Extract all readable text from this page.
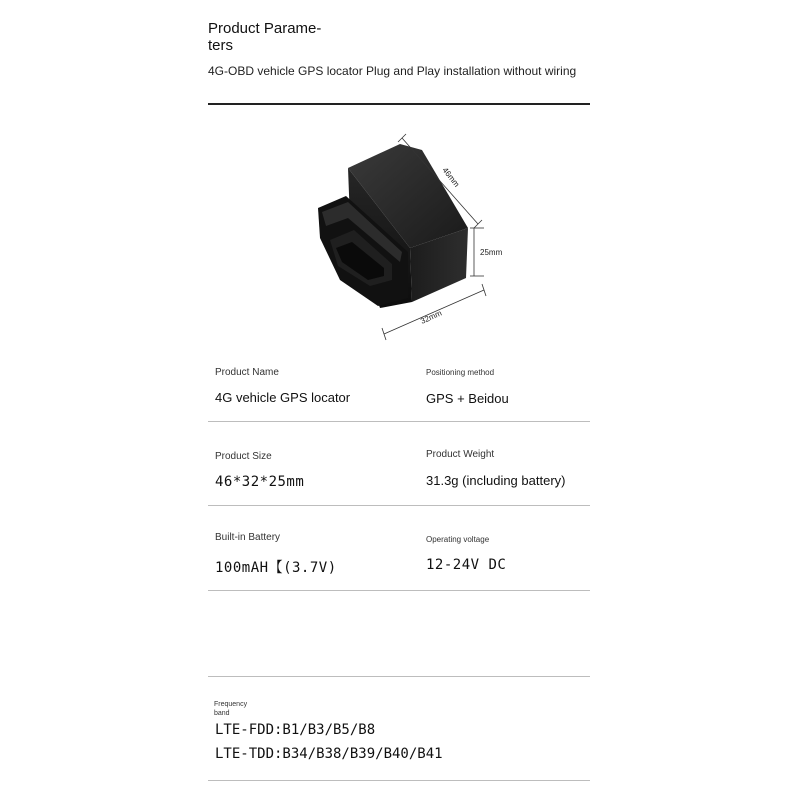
Product Parame-
ters
4G-OBD vehicle GPS locator Plug and Play installation without wiring
46mm
25mm
32mm
Product Name
4G vehicle GPS locator
Positioning method
GPS + Beidou
Product Size
46*32*25mm
Product Weight
31.3g (including battery)
Built-in Battery
100mAH【(3.7V)
Operating voltage
12-24V DC
Frequency band
LTE-FDD:B1/B3/B5/B8
LTE-TDD:B34/B38/B39/B40/B41
